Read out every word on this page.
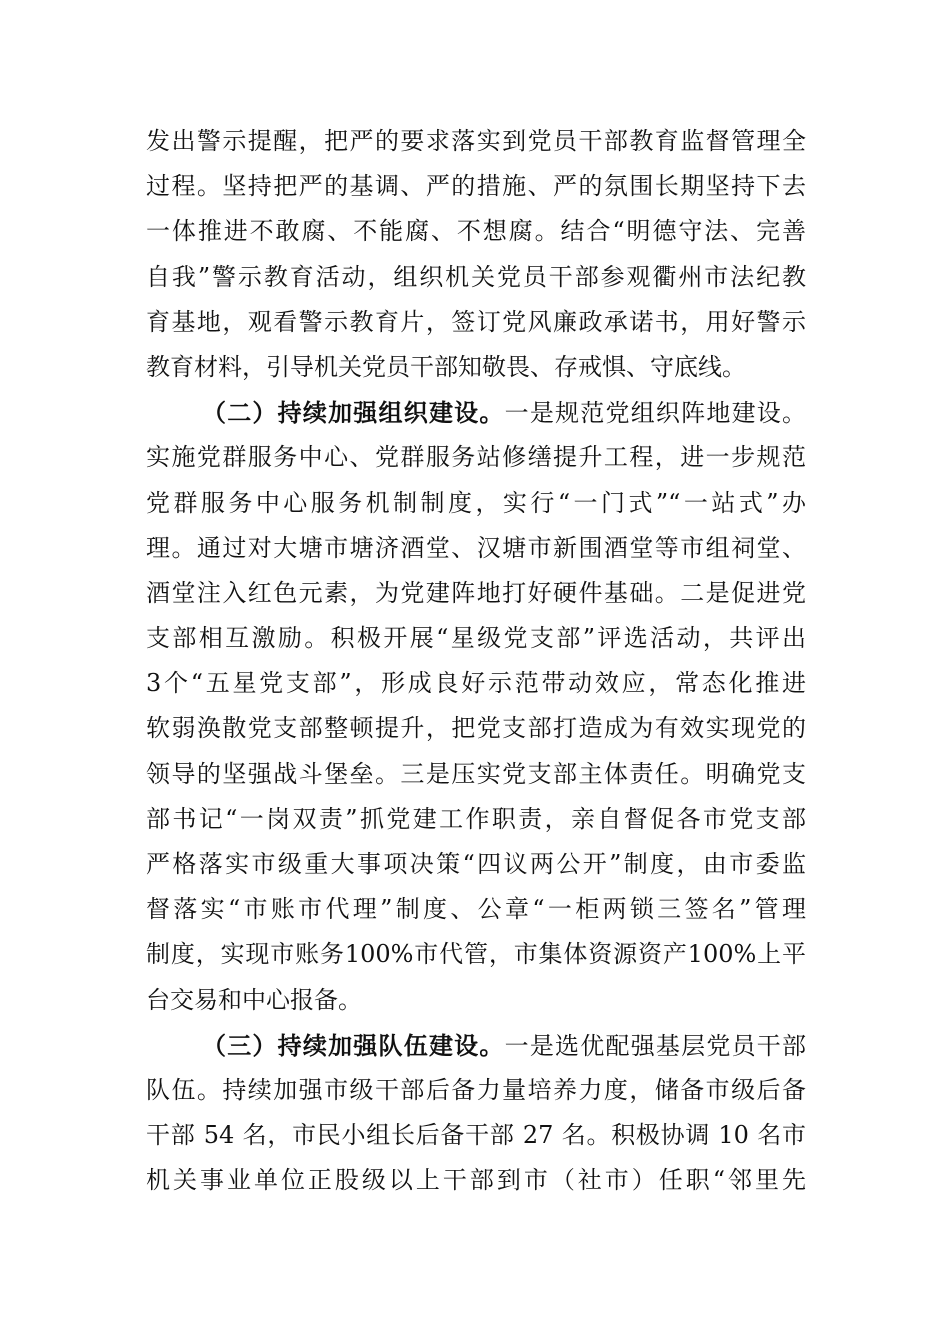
发出警示提醒，把严的要求落实到党员干部教育监督管理全
过程。坚持把严的基调、严的措施、严的氛围长期坚持下去
一体推进不敢腐、不能腐、不想腐。结合“明德守法、完善
自我”警示教育活动，组织机关党员干部参观衢州市法纪教
育基地，观看警示教育片，签订党风廉政承诺书，用好警示
教育材料，引导机关党员干部知敬畏、存戒惧、守底线。
（二）持续加强组织建设。一是规范党组织阵地建设。
实施党群服务中心、党群服务站修缮提升工程，进一步规范
党群服务中心服务机制制度，实行“一门式”“一站式”办
理。通过对大塘市塘济酒堂、汉塘市新围酒堂等市组祠堂、
酒堂注入红色元素，为党建阵地打好硬件基础。二是促进党
支部相互激励。积极开展“星级党支部”评选活动，共评出
3个“五星党支部”，形成良好示范带动效应，常态化推进
软弱涣散党支部整顿提升，把党支部打造成为有效实现党的
领导的坚强战斗堡垒。三是压实党支部主体责任。明确党支
部书记“一岗双责”抓党建工作职责，亲自督促各市党支部
严格落实市级重大事项决策“四议两公开”制度，由市委监
督落实“市账市代理”制度、公章“一柜两锁三签名”管理
制度，实现市账务100%市代管，市集体资源资产100%上平
台交易和中心报备。
（三）持续加强队伍建设。一是选优配强基层党员干部
队伍。持续加强市级干部后备力量培养力度，储备市级后备
干部 54 名，市民小组长后备干部 27 名。积极协调 10 名市
机关事业单位正股级以上干部到市（社市）任职“邻里先
